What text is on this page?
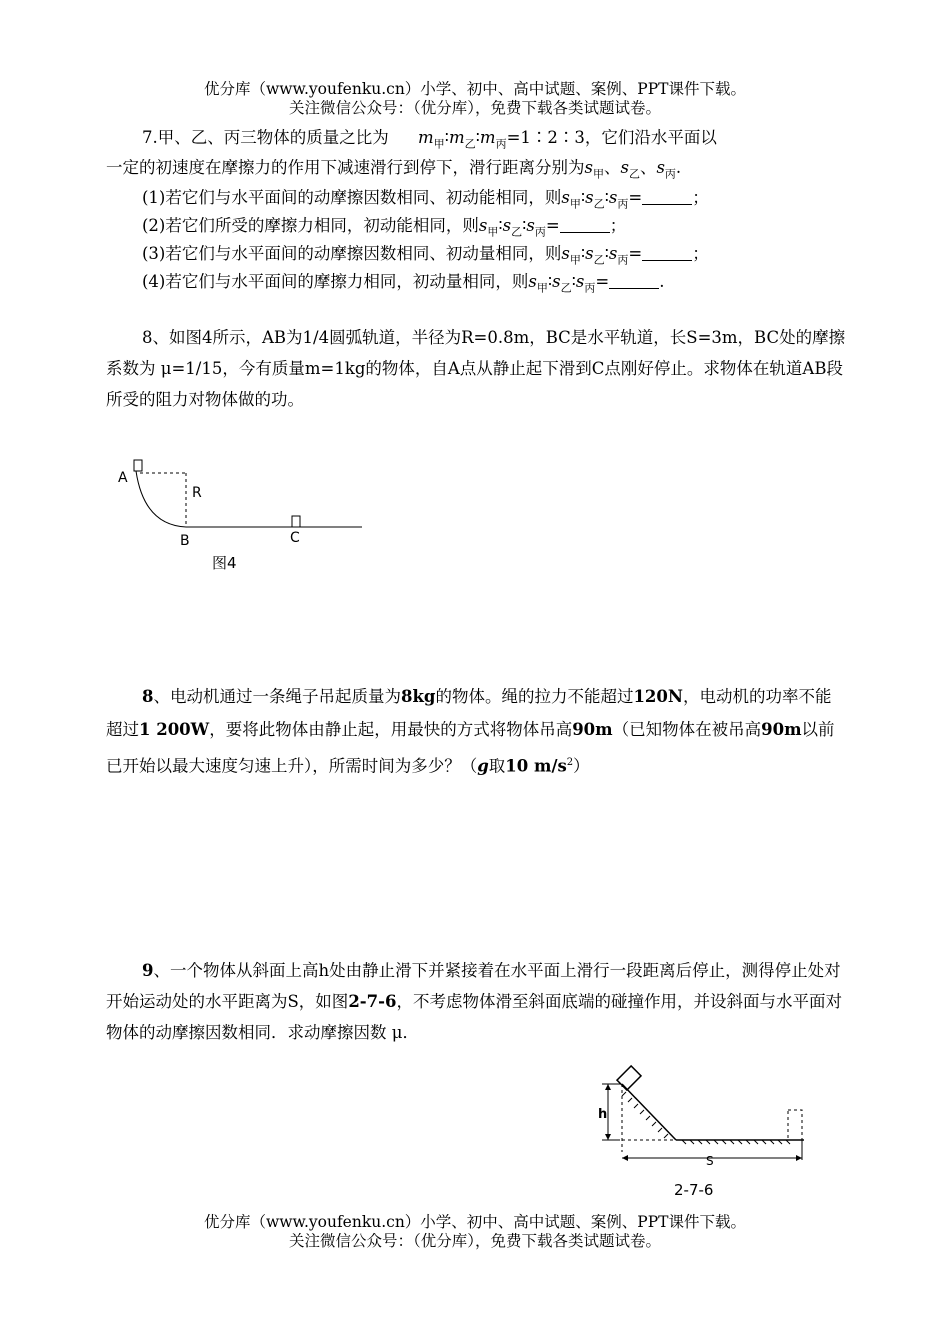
优分库（www.youfenku.cn）小学、初中、高中试题、案例、PPT课件下载。
关注微信公众号：（优分库），免费下载各类试题试卷。
7.甲、乙、丙三物体的质量之比为 $m_甲∶m_乙∶m_丙=1∶2∶3$，它们沿水平面以
一定的初速度在摩擦力的作用下减速滑行到停下，滑行距离分别为$s_甲$、$s_乙$、$s_丙$.
(1)若它们与水平面间的动摩擦因数相同、初动能相同，则$s_甲∶s_乙∶s_丙=$	；
(2)若它们所受的摩擦力相同，初动能相同，则$s_甲∶s_乙∶s_丙=$	；
(3)若它们与水平面间的动摩擦因数相同、初动量相同，则$s_甲∶s_乙∶s_丙=$	；
(4)若它们与水平面间的摩擦力相同，初动量相同，则$s_甲∶s_乙∶s_丙=$	.
8、如图4所示，AB为1/4圆弧轨道，半径为R=0.8m，BC是水平轨道，长S=3m，BC处的摩擦系数为 μ=1/15，今有质量m=1kg的物体，自A点从静止起下滑到C点刚好停止。求物体在轨道AB段所受的阻力对物体做的功。
A
R
B	C
图4
8、电动机通过一条绳子吊起质量为8kg的物体。绳的拉力不能超过120N，电动机的功率不能超过1 200W，要将此物体由静止起，用最快的方式将物体吊高90m（已知物体在被吊高90m以前已开始以最大速度匀速上升），所需时间为多少？（g取10 $m/s^2$）
9、一个物体从斜面上高h处由静止滑下并紧接着在水平面上滑行一段距离后停止，测得停止处对开始运动处的水平距离为S，如图2-7-6，不考虑物体滑至斜面底端的碰撞作用，并设斜面与水平面对物体的动摩擦因数相同．求动摩擦因数 μ．
h
S
2-7-6
优分库（www.youfenku.cn）小学、初中、高中试题、案例、PPT课件下载。
关注微信公众号：（优分库），免费下载各类试题试卷。
